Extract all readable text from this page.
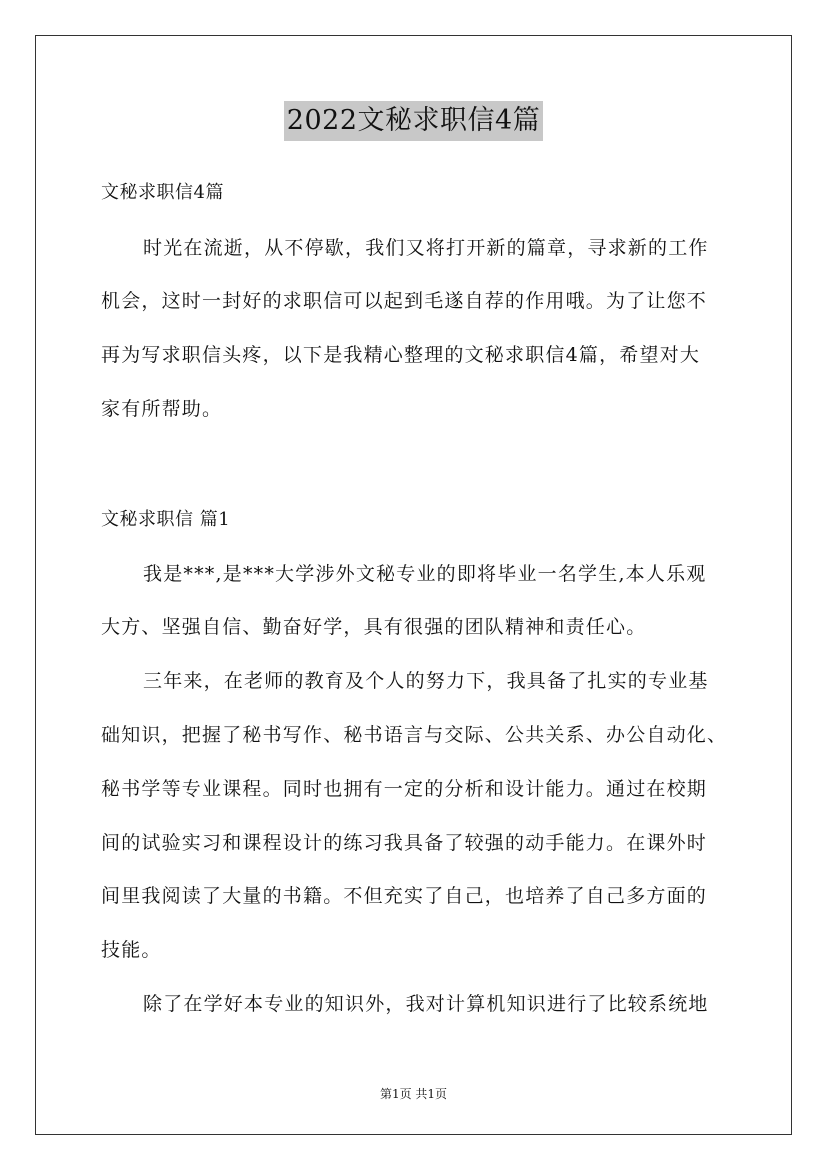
2022文秘求职信4篇
文秘求职信4篇
时光在流逝，从不停歇，我们又将打开新的篇章，寻求新的工作
机会，这时一封好的求职信可以起到毛遂自荐的作用哦。为了让您不
再为写求职信头疼，以下是我精心整理的文秘求职信4篇，希望对大
家有所帮助。
文秘求职信 篇1
我是***,是***大学涉外文秘专业的即将毕业一名学生,本人乐观
大方、坚强自信、勤奋好学，具有很强的团队精神和责任心。
三年来，在老师的教育及个人的努力下，我具备了扎实的专业基
础知识，把握了秘书写作、秘书语言与交际、公共关系、办公自动化、
秘书学等专业课程。同时也拥有一定的分析和设计能力。通过在校期
间的试验实习和课程设计的练习我具备了较强的动手能力。在课外时
间里我阅读了大量的书籍。不但充实了自己，也培养了自己多方面的
技能。
除了在学好本专业的知识外，我对计算机知识进行了比较系统地
第1页 共1页
